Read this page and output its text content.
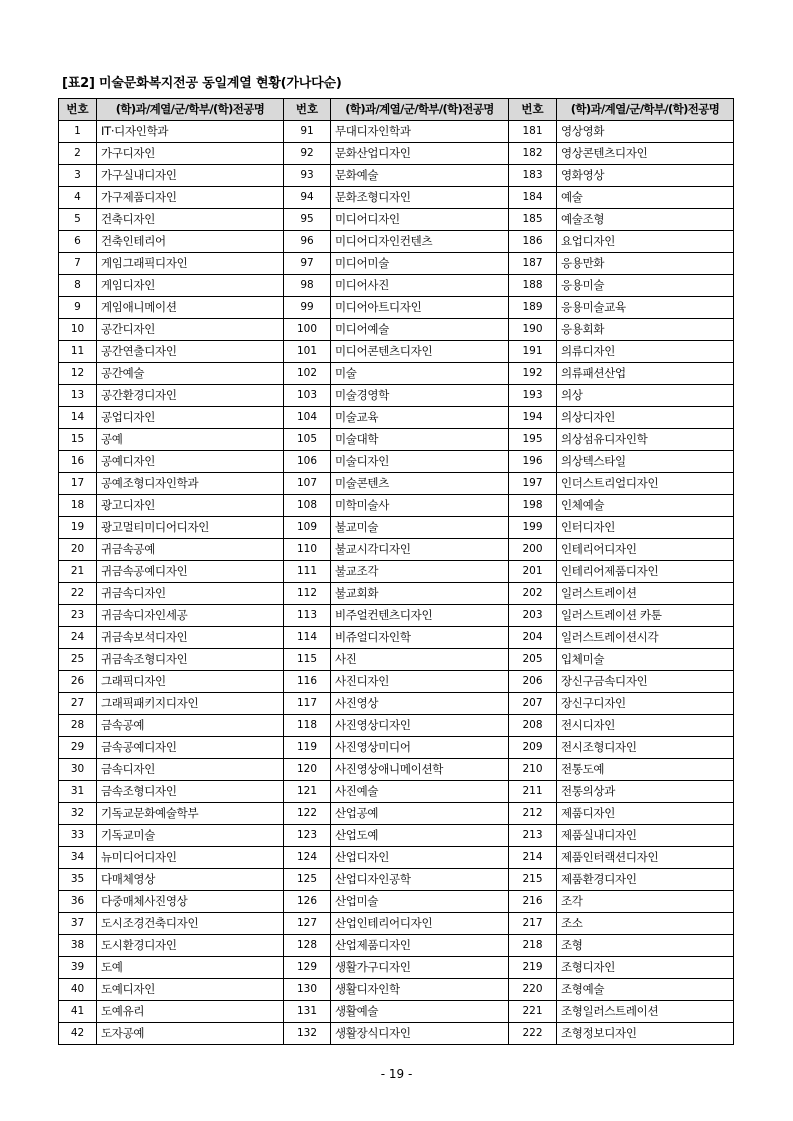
[표2] 미술문화복지전공 동일계열 현황(가나다순)
번호	(학)과/계열/군/학부/(학)전공명	번호	(학)과/계열/군/학부/(학)전공명	번호	(학)과/계열/군/학부/(학)전공명
1	IT·디자인학과	91	무대디자인학과	181	영상영화
2	가구디자인	92	문화산업디자인	182	영상콘텐츠디자인
3	가구실내디자인	93	문화예술	183	영화영상
4	가구제품디자인	94	문화조형디자인	184	예술
5	건축디자인	95	미디어디자인	185	예술조형
6	건축인테리어	96	미디어디자인컨텐츠	186	요업디자인
7	게임그래픽디자인	97	미디어미술	187	응용만화
8	게임디자인	98	미디어사진	188	응용미술
9	게임애니메이션	99	미디어아트디자인	189	응용미술교육
10	공간디자인	100	미디어예술	190	응용회화
11	공간연출디자인	101	미디어콘텐츠디자인	191	의류디자인
12	공간예술	102	미술	192	의류패션산업
13	공간환경디자인	103	미술경영학	193	의상
14	공업디자인	104	미술교육	194	의상디자인
15	공예	105	미술대학	195	의상섬유디자인학
16	공예디자인	106	미술디자인	196	의상텍스타일
17	공예조형디자인학과	107	미술콘텐츠	197	인더스트리얼디자인
18	광고디자인	108	미학미술사	198	인체예술
19	광고멀티미디어디자인	109	불교미술	199	인터디자인
20	귀금속공예	110	불교시각디자인	200	인테리어디자인
21	귀금속공예디자인	111	불교조각	201	인테리어제품디자인
22	귀금속디자인	112	불교회화	202	일러스트레이션
23	귀금속디자인세공	113	비주얼컨텐츠디자인	203	일러스트레이션 카툰
24	귀금속보석디자인	114	비쥬얼디자인학	204	일러스트레이션시각
25	귀금속조형디자인	115	사진	205	입체미술
26	그래픽디자인	116	사진디자인	206	장신구금속디자인
27	그래픽패키지디자인	117	사진영상	207	장신구디자인
28	금속공예	118	사진영상디자인	208	전시디자인
29	금속공예디자인	119	사진영상미디어	209	전시조형디자인
30	금속디자인	120	사진영상애니메이션학	210	전통도예
31	금속조형디자인	121	사진예술	211	전통의상과
32	기독교문화예술학부	122	산업공예	212	제품디자인
33	기독교미술	123	산업도예	213	제품실내디자인
34	뉴미디어디자인	124	산업디자인	214	제품인터랙션디자인
35	다매체영상	125	산업디자인공학	215	제품환경디자인
36	다중매체사진영상	126	산업미술	216	조각
37	도시조경건축디자인	127	산업인테리어디자인	217	조소
38	도시환경디자인	128	산업제품디자인	218	조형
39	도예	129	생활가구디자인	219	조형디자인
40	도예디자인	130	생활디자인학	220	조형예술
41	도예유리	131	생활예술	221	조형일러스트레이션
42	도자공예	132	생활장식디자인	222	조형정보디자인
- 19 -
